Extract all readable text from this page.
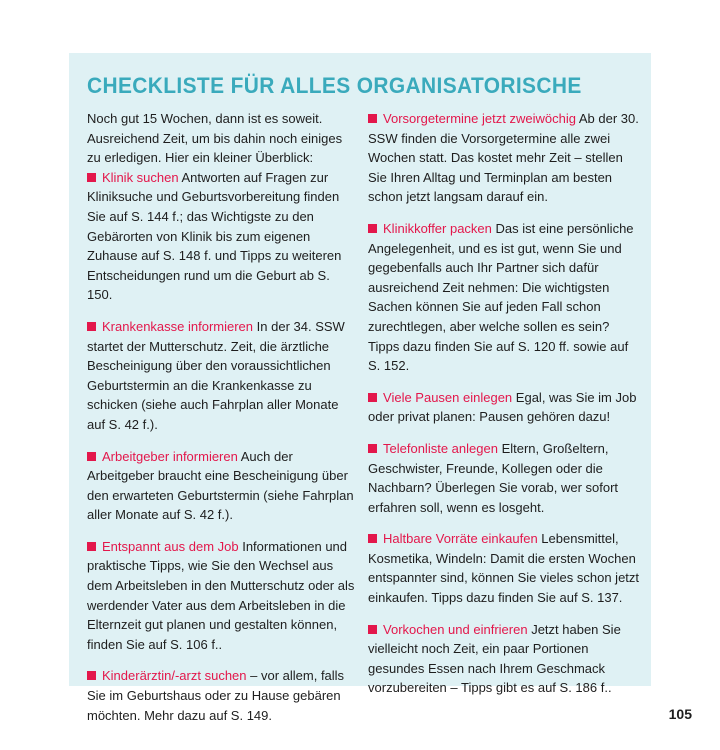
CHECKLISTE FÜR ALLES ORGANISATORISCHE

Noch gut 15 Wochen, dann ist es soweit. Ausreichend Zeit, um bis dahin noch einiges zu erledigen. Hier ein kleiner Überblick:

Klinik suchen Antworten auf Fragen zur Kliniksuche und Geburtsvorbereitung finden Sie auf S. 144 f.; das Wichtigste zu den Gebärorten von Klinik bis zum eigenen Zuhause auf S. 148 f. und Tipps zu weiteren Entscheidungen rund um die Geburt ab S. 150.

Krankenkasse informieren In der 34. SSW startet der Mutterschutz. Zeit, die ärztliche Bescheinigung über den voraussichtlichen Geburtstermin an die Krankenkasse zu schicken (siehe auch Fahrplan aller Monate auf S. 42 f.).

Arbeitgeber informieren Auch der Arbeitgeber braucht eine Bescheinigung über den erwarteten Geburtstermin (siehe Fahrplan aller Monate auf S. 42 f.).

Entspannt aus dem Job Informationen und praktische Tipps, wie Sie den Wechsel aus dem Arbeitsleben in den Mutterschutz oder als werdender Vater aus dem Arbeitsleben in die Elternzeit gut planen und gestalten können, finden Sie auf S. 106 f..

Kinderärztin/-arzt suchen – vor allem, falls Sie im Geburtshaus oder zu Hause gebären möchten. Mehr dazu auf S. 149.

Vorsorgetermine jetzt zweiwöchig Ab der 30. SSW finden die Vorsorgetermine alle zwei Wochen statt. Das kostet mehr Zeit – stellen Sie Ihren Alltag und Terminplan am besten schon jetzt langsam darauf ein.

Klinikkoffer packen Das ist eine persönliche Angelegenheit, und es ist gut, wenn Sie und gegebenfalls auch Ihr Partner sich dafür ausreichend Zeit nehmen: Die wichtigsten Sachen können Sie auf jeden Fall schon zurechtlegen, aber welche sollen es sein? Tipps dazu finden Sie auf S. 120 ff. sowie auf S. 152.

Viele Pausen einlegen Egal, was Sie im Job oder privat planen: Pausen gehören dazu!

Telefonliste anlegen Eltern, Großeltern, Geschwister, Freunde, Kollegen oder die Nachbarn? Überlegen Sie vorab, wer sofort erfahren soll, wenn es losgeht.

Haltbare Vorräte einkaufen Lebensmittel, Kosmetika, Windeln: Damit die ersten Wochen entspannter sind, können Sie vieles schon jetzt einkaufen. Tipps dazu finden Sie auf S. 137.

Vorkochen und einfrieren Jetzt haben Sie vielleicht noch Zeit, ein paar Portionen gesundes Essen nach Ihrem Geschmack vorzubereiten – Tipps gibt es auf S. 186 f..

105
